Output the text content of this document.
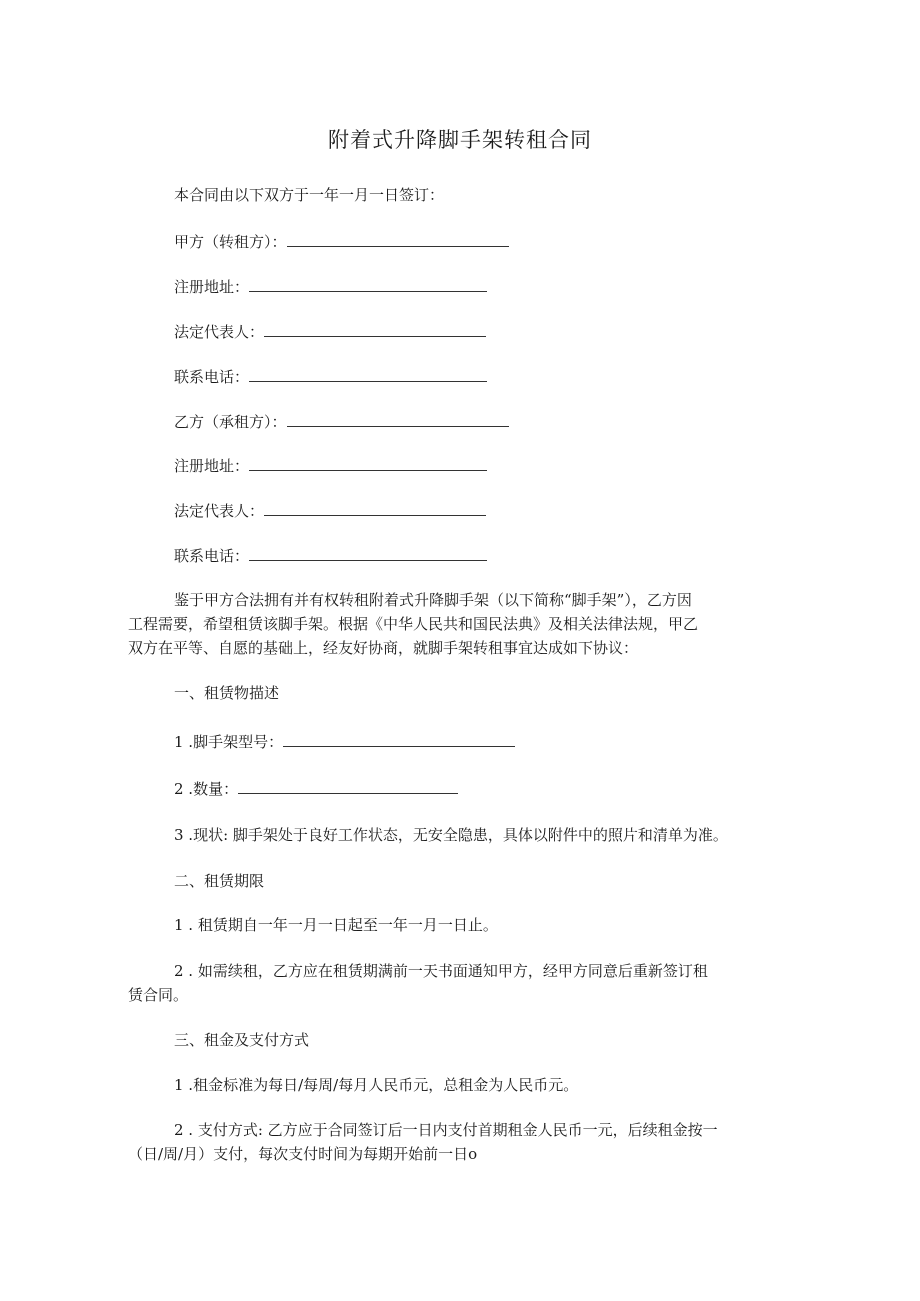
附着式升降脚手架转租合同
本合同由以下双方于一年一月一日签订：
甲方（转租方）：
注册地址：
法定代表人：
联系电话：
乙方（承租方）：
注册地址：
法定代表人：
联系电话：
鉴于甲方合法拥有并有权转租附着式升降脚手架（以下简称“脚手架”），乙方因
工程需要，希望租赁该脚手架。根据《中华人民共和国民法典》及相关法律法规，甲乙
双方在平等、自愿的基础上，经友好协商，就脚手架转租事宜达成如下协议：
一、租赁物描述
1 .脚手架型号：
2 .数量：
3 .现状: 脚手架处于良好工作状态，无安全隐患，具体以附件中的照片和清单为准。
二、租赁期限
1 . 租赁期自一年一月一日起至一年一月一日止。
2 . 如需续租，乙方应在租赁期满前一天书面通知甲方，经甲方同意后重新签订租
赁合同。
三、租金及支付方式
1 .租金标准为每日/每周/每月人民币元，总租金为人民币元。
2 . 支付方式: 乙方应于合同签订后一日内支付首期租金人民币一元，后续租金按一
（日/周/月）支付，每次支付时间为每期开始前一日o
